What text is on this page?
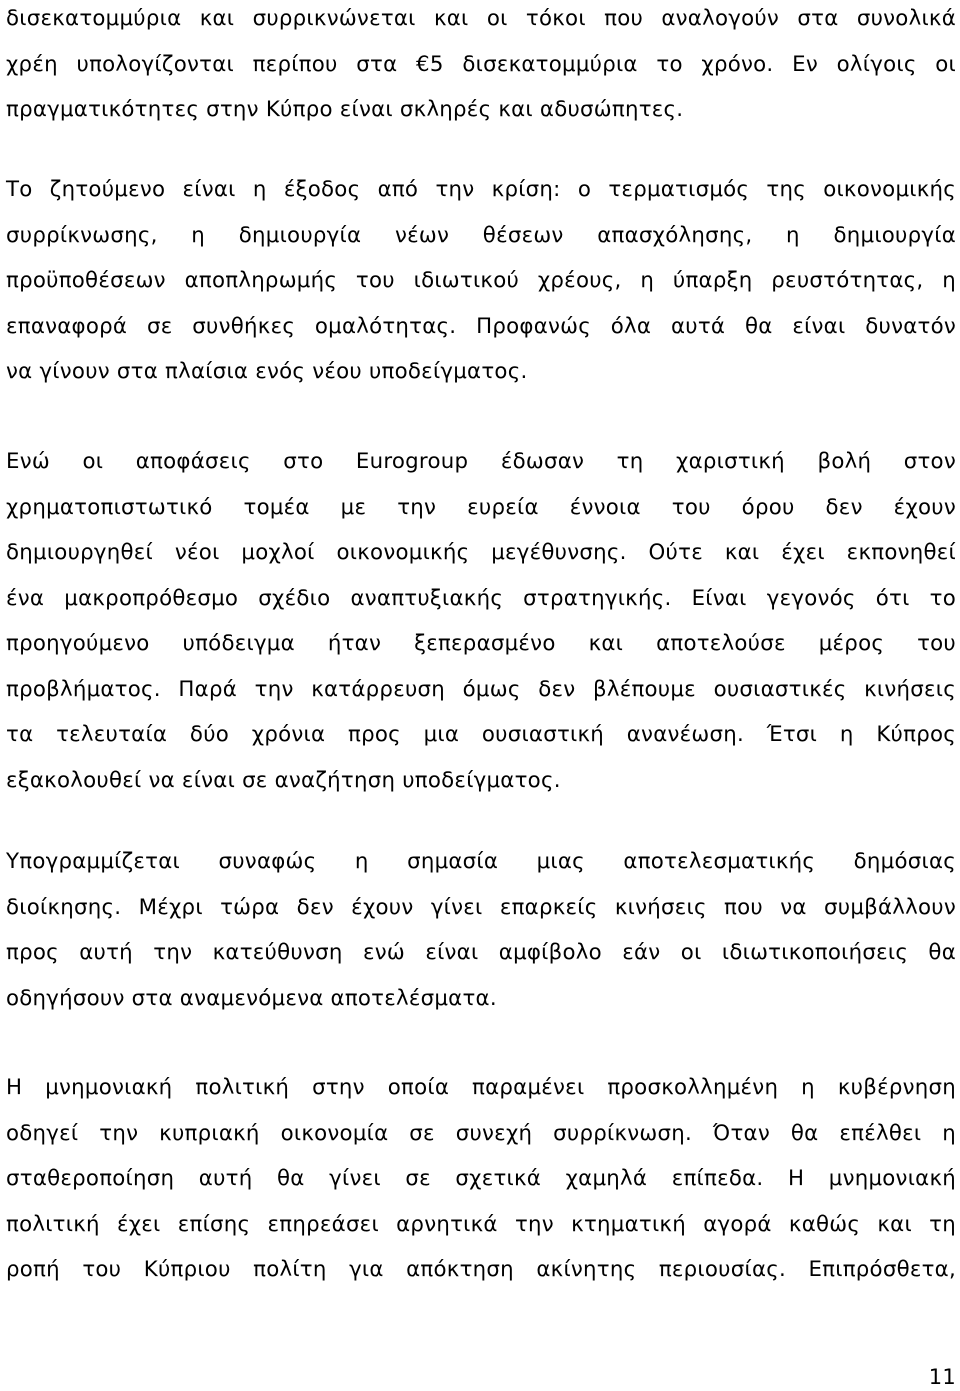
δισεκατομμύρια και συρρικνώνεται και οι τόκοι που αναλογούν στα συνολικά
χρέη υπολογίζονται περίπου στα €5 δισεκατομμύρια το χρόνο. Εν ολίγοις οι
πραγματικότητες στην Κύπρο είναι σκληρές και αδυσώπητες.
Το ζητούμενο είναι η έξοδος από την κρίση: ο τερματισμός της οικονομικής
συρρίκνωσης, η δημιουργία νέων θέσεων απασχόλησης, η δημιουργία
προϋποθέσεων αποπληρωμής του ιδιωτικού χρέους, η ύπαρξη ρευστότητας, η
επαναφορά σε συνθήκες ομαλότητας. Προφανώς όλα αυτά θα είναι δυνατόν
να γίνουν στα πλαίσια ενός νέου υποδείγματος.
Ενώ οι αποφάσεις στο Eurogroup έδωσαν τη χαριστική βολή στον
χρηματοπιστωτικό τομέα με την ευρεία έννοια του όρου δεν έχουν
δημιουργηθεί νέοι μοχλοί οικονομικής μεγέθυνσης. Ούτε και έχει εκπονηθεί
ένα μακροπρόθεσμο σχέδιο αναπτυξιακής στρατηγικής. Είναι γεγονός ότι το
προηγούμενο υπόδειγμα ήταν ξεπερασμένο και αποτελούσε μέρος του
προβλήματος. Παρά την κατάρρευση όμως δεν βλέπουμε ουσιαστικές κινήσεις
τα τελευταία δύο χρόνια προς μια ουσιαστική ανανέωση. Έτσι η Κύπρος
εξακολουθεί να είναι σε αναζήτηση υποδείγματος.
Υπογραμμίζεται συναφώς η σημασία μιας αποτελεσματικής δημόσιας
διοίκησης. Μέχρι τώρα δεν έχουν γίνει επαρκείς κινήσεις που να συμβάλλουν
προς αυτή την κατεύθυνση ενώ είναι αμφίβολο εάν οι ιδιωτικοποιήσεις θα
οδηγήσουν στα αναμενόμενα αποτελέσματα.
Η μνημονιακή πολιτική στην οποία παραμένει προσκολλημένη η κυβέρνηση
οδηγεί την κυπριακή οικονομία σε συνεχή συρρίκνωση. Όταν θα επέλθει η
σταθεροποίηση αυτή θα γίνει σε σχετικά χαμηλά επίπεδα. Η μνημονιακή
πολιτική έχει επίσης επηρεάσει αρνητικά την κτηματική αγορά καθώς και τη
ροπή του Κύπριου πολίτη για απόκτηση ακίνητης περιουσίας. Επιπρόσθετα,
11
